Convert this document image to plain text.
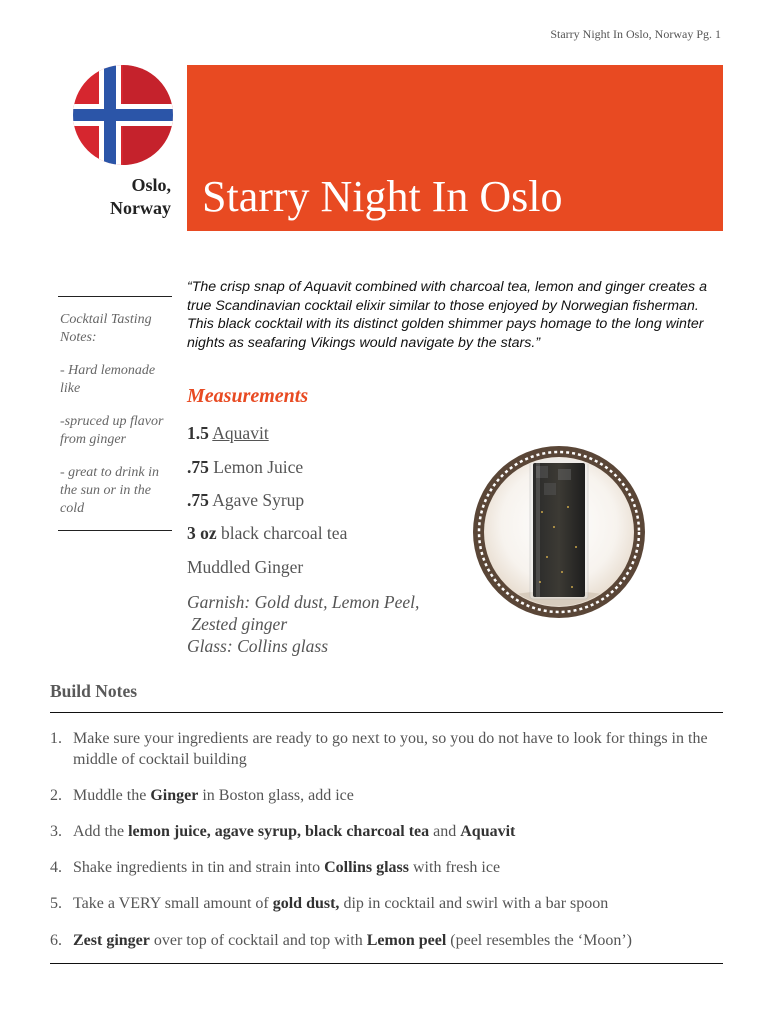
Starry Night In Oslo, Norway Pg. 1
Oslo,
Norway Starry Night In Oslo

Cocktail Tasting Notes:

- Hard lemonade like

-spruced up flavor from ginger

- great to drink in the sun or in the cold

“The crisp snap of Aquavit combined with charcoal tea, lemon and ginger creates a true Scandinavian cocktail elixir similar to those enjoyed by Norwegian fisherman. This black cocktail with its distinct golden shimmer pays homage to the long winter nights as seafaring Vikings would navigate by the stars.”
Measurements
1.5 Aquavit
.75 Lemon Juice
.75 Agave Syrup
3 oz black charcoal tea
Muddled Ginger
Garnish: Gold dust, Lemon Peel,
Zested ginger
Glass: Collins glass
Build Notes
1. Make sure your ingredients are ready to go next to you, so you do not have to look for things in the middle of cocktail building
2. Muddle the Ginger in Boston glass, add ice
3. Add the lemon juice, agave syrup, black charcoal tea and Aquavit
4. Shake ingredients in tin and strain into Collins glass with fresh ice
5. Take a VERY small amount of gold dust, dip in cocktail and swirl with a bar spoon
6. Zest ginger over top of cocktail and top with Lemon peel (peel resembles the ‘Moon’)
